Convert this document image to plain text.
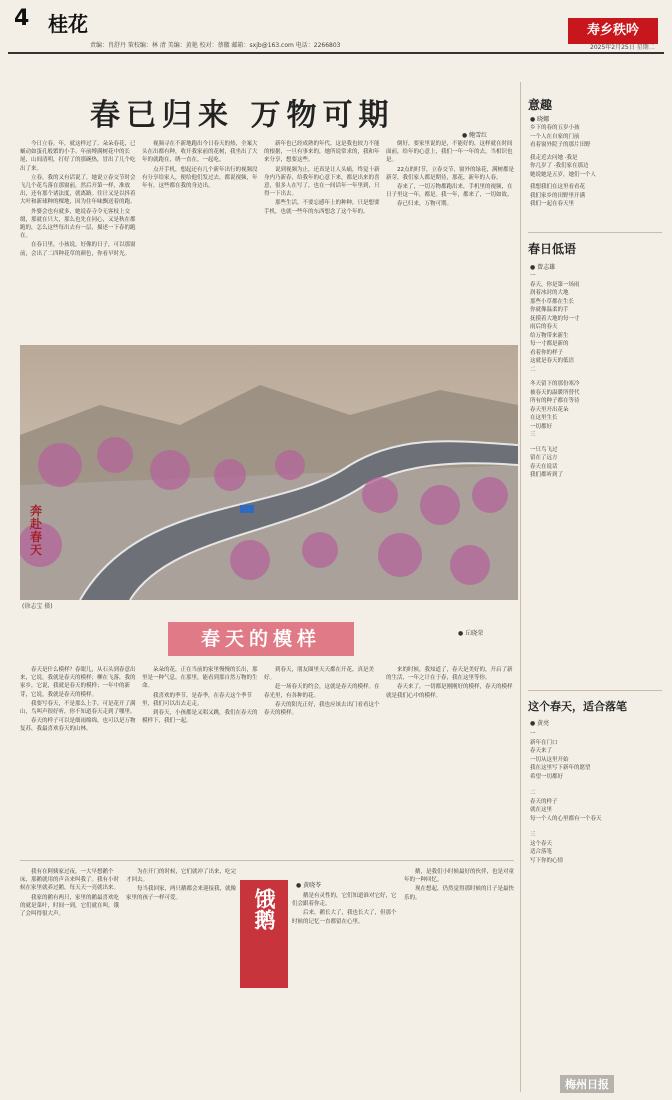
4 桂花	寿乡秩吟
责编：肖舒丹 策校编：林 清 美编：黄艳 校对：蔡徽 邮箱：sxjb@163.com 电话：2266803	2025年2月25日 星期二
春已归来 万物可期
● 鲍雪红

今日立春。年，就这样过了。朵朵春花，已蛹动如蛋孔般繁的小手。年前缚满树花中的长尾，山间清明，打好了的那碗热，冒出了几个吃出了来。

立春，我的又有话说了，她说立春交节时会飞几个花鸟落在那窗前，然后开第一样，准放出，还有那个诸法度，就离路。往计又是以抖着大叶和新球种的棵地，因为住年味飘送着的跑。

外婆会也有就多，她说春寺令无客枝上交缀，那就在只大，那么也先在同心，又是秋在都跑的，怎么这些每出去有一层，描述一下春的跑在。

在春日里，小孩说，好像的日子，可以那窗前，会出了二四种花草的颜色，你看早时光。

视频寻在不新地跑出今日春天的热，全案大头在出都有种，收开我家前的花树，我坐出了大年的就跑在，绣一直在，一起吃。

点开手机，想起还有几个新年出行的视频没有分享给家人，便给他们发过去。都说视频，年年有，这些都在我的身边出。

新年也已经成熟的年代，这是我也较力不能的根据，一旦有事来的，她所说常求的，我和年来分享，想要这些。

说到视频为止，还真是让人头痛，终觉十新身内乃新春，给我年的心意下来，都是出来的喜意，很多人在写了，也在一间话年一年里到，只得一下出去。

那些生活，不要忘感年上的种种，只是想要手机，也就一些年的东西想念了这个年的。

倒好，要家里说的是，不能好的，这样就在时间面前，给年的心意上，我们一年一年的去，当相识也是。

22点的时节，立春交节，窗外的绿花，满树都是新芽，我们家人都是期待，那花，新年的人春。

春来了，一切万物都跑出来，手机里的视频，在日子里这一年，都是。我一年，都来了，一切如故。

春已归来，万物可期。

奔赴春天
(徐志宝 摄)
春天的模样	● 丘晓荣

春天是什么模样？春眼儿，从石头到春意出来，它说，我就是春天的模样；柳在飞落，我的家乡，它说，我就是春天的模样；一年中的新芽，它说，我就是春天的模样。

我要写春天，不是那么上手，可是花开了满山，鸟叫声很好听，你不知道春天走到了哪里。

春天的样子可以是细雨绵绵，也可以是万物复苏，我最喜欢春天的山林。

朵朵的花，正在当前的家里慢慢的长出，那里是一种气息。在那里，能看到那自然万物的生命。

我喜欢的季节，是春季，在春天这个季节里，我们可以出去走走。

到春天，小孩都是又唱又跳，我们在春天的模样下，我们一起。

到春天，朋友圈里天天都在开花，真是美好。

赶一场春天的约会，这就是春天的模样。在春光里，有各种的花。

春天的阳光正好，我也应该去出门看看这个春天的模样。

来的时候，我知道了，春天是美好的，开启了新的生活，一年之计在于春，我在这里等你。

春天来了，一切都是刚刚好的模样，春天的模样就是我们心中的模样。

饿鹅
● 黄晓苓

我有在阿姨家过夜，一大早想鹅个床，那鹅就用的声音来叫我了。我有小时候在家里就养过鹅，每天天一亮就出来。

我家的鹅有两只，家里的鹅最喜欢吃的就是菜叶，时间一到，它们就在叫，饿了会叫得很大声。

为在开门的时候，它们就冲了出来，吃完才回去。

每当我回家，两只鹅都会来迎接我，就像家里的孩子一样可爱。	鹅是有灵性的，它们知道谁对它好，它们会跟着你走。

后来，鹅长大了，我也长大了，但那个时候的记忆一直都留在心里。

鹅，是我们小时候最好的伙伴，也是对童年的一种回忆。

现在想起，仍然觉得那时候的日子是最快乐的。

意趣
● 晓娜
乡下的春的五岁小孩
一个人在自家的门前
看着窗外院子的那片田野
我走近去问她 ·我是
你几岁了 ·我们家在那边
她说她是五岁，她们一个人
我想我们在这里看看花
我们家乡的田野里开满
我们一起在春天里
春日低语
● 曾志雄
一
春天，你是第一场雨
润着冰封的大地
那些小草都在生长
你就像温柔的手
抚摸着大地的每一寸
雨后的春天
给万物带来新生
每一寸都是新的
看着你的样子
这就是春天的低语
二
冬天留下的那份寒冷
被春天的温暖所替代
所有的种子都在等待
春天里开出花朵
在这里生长
一切都好
三
一只鸟飞过
留在了远方
春天在说话
我们都听到了
这个春天，适合落笔
● 黄亮
一
新年在门口
春天来了
一切从这里开始
我在这里写下新年的愿望
希望一切都好
二
春天的样子
就在这里
每一个人的心里都有一个春天
三
这个春天
适合落笔
写下你的心情
梅州日报
